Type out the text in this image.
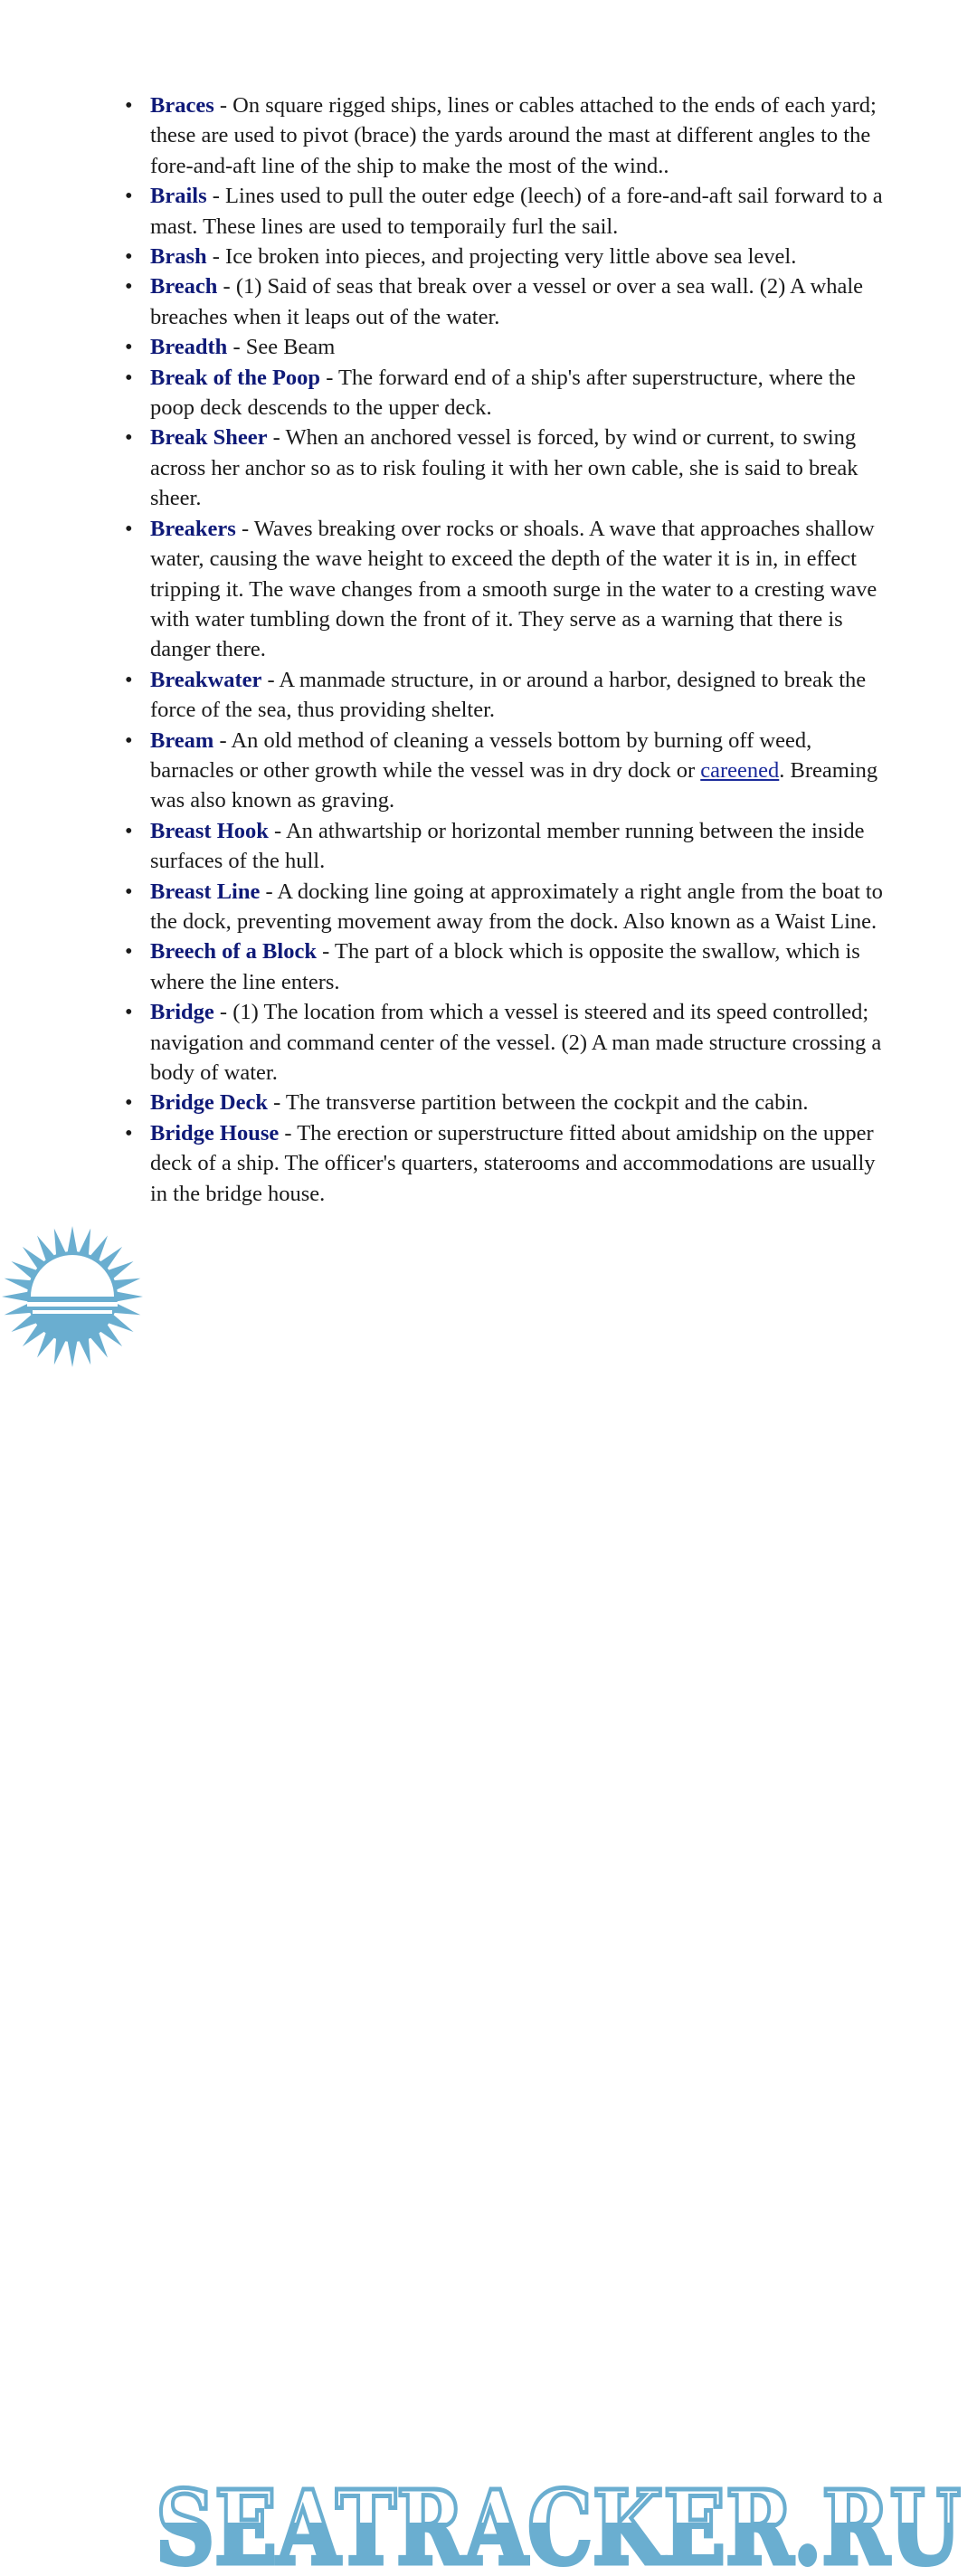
• Braces - On square rigged ships, lines or cables attached to the ends of each yard; these are used to pivot (brace) the yards around the mast at different angles to the fore-and-aft line of the ship to make the most of the wind..
• Brails - Lines used to pull the outer edge (leech) of a fore-and-aft sail forward to a mast. These lines are used to temporaily furl the sail.
• Brash - Ice broken into pieces, and projecting very little above sea level.
• Breach - (1) Said of seas that break over a vessel or over a sea wall. (2) A whale breaches when it leaps out of the water.
• Breadth - See Beam
• Break of the Poop - The forward end of a ship's after superstructure, where the poop deck descends to the upper deck.
• Break Sheer - When an anchored vessel is forced, by wind or current, to swing across her anchor so as to risk fouling it with her own cable, she is said to break sheer.
• Breakers - Waves breaking over rocks or shoals. A wave that approaches shallow water, causing the wave height to exceed the depth of the water it is in, in effect tripping it. The wave changes from a smooth surge in the water to a cresting wave with water tumbling down the front of it. They serve as a warning that there is danger there.
• Breakwater - A manmade structure, in or around a harbor, designed to break the force of the sea, thus providing shelter.
• Bream - An old method of cleaning a vessels bottom by burning off weed, barnacles or other growth while the vessel was in dry dock or careened. Breaming was also known as graving.
• Breast Hook - An athwartship or horizontal member running between the inside surfaces of the hull.
• Breast Line - A docking line going at approximately a right angle from the boat to the dock, preventing movement away from the dock. Also known as a Waist Line.
• Breech of a Block - The part of a block which is opposite the swallow, which is where the line enters.
• Bridge - (1) The location from which a vessel is steered and its speed controlled; navigation and command center of the vessel. (2) A man made structure crossing a body of water.
• Bridge Deck - The transverse partition between the cockpit and the cabin.
• Bridge House - The erection or superstructure fitted about amidship on the upper deck of a ship. The officer's quarters, staterooms and accommodations are usually in the bridge house.
SEATRACKER.RU
